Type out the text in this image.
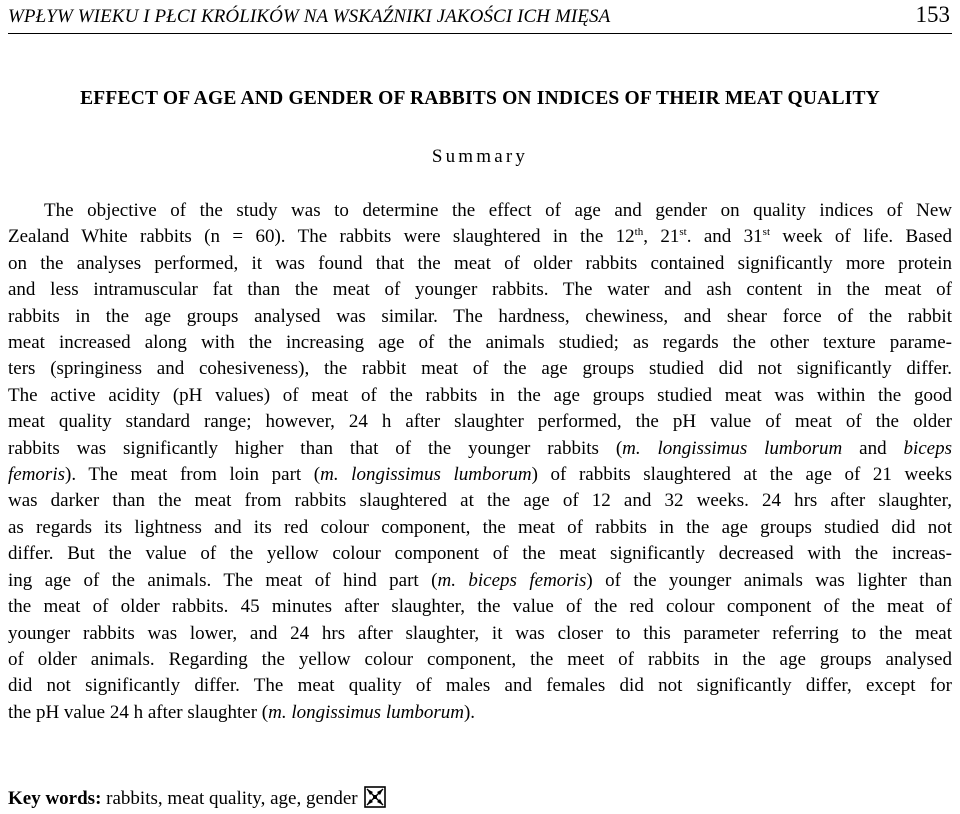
WPŁYW WIEKU I PŁCI KRÓLIKÓW NA WSKAŹNIKI JAKOŚCI ICH MIĘSA	153
EFFECT OF AGE AND GENDER OF RABBITS ON INDICES OF THEIR MEAT QUALITY
Summary
The objective of the study was to determine the effect of age and gender on quality indices of New
Zealand White rabbits (n = 60). The rabbits were slaughtered in the 12th, 21st. and 31st week of life. Based
on the analyses performed, it was found that the meat of older rabbits contained significantly more protein
and less intramuscular fat than the meat of younger rabbits. The water and ash content in the meat of
rabbits in the age groups analysed was similar. The hardness, chewiness, and shear force of the rabbit
meat increased along with the increasing age of the animals studied; as regards the other texture parame-
ters (springiness and cohesiveness), the rabbit meat of the age groups studied did not significantly differ.
The active acidity (pH values) of meat of the rabbits in the age groups studied meat was within the good
meat quality standard range; however, 24 h after slaughter performed, the pH value of meat of the older
rabbits was significantly higher than that of the younger rabbits (m. longissimus lumborum and biceps
femoris). The meat from loin part (m. longissimus lumborum) of rabbits slaughtered at the age of 21 weeks
was darker than the meat from rabbits slaughtered at the age of 12 and 32 weeks. 24 hrs after slaughter,
as regards its lightness and its red colour component, the meat of rabbits in the age groups studied did not
differ. But the value of the yellow colour component of the meat significantly decreased with the increas-
ing age of the animals. The meat of hind part (m. biceps femoris) of the younger animals was lighter than
the meat of older rabbits. 45 minutes after slaughter, the value of the red colour component of the meat of
younger rabbits was lower, and 24 hrs after slaughter, it was closer to this parameter referring to the meat
of older animals. Regarding the yellow colour component, the meet of rabbits in the age groups analysed
did not significantly differ. The meat quality of males and females did not significantly differ, except for
the pH value 24 h after slaughter (m. longissimus lumborum).
Key words: rabbits, meat quality, age, gender
